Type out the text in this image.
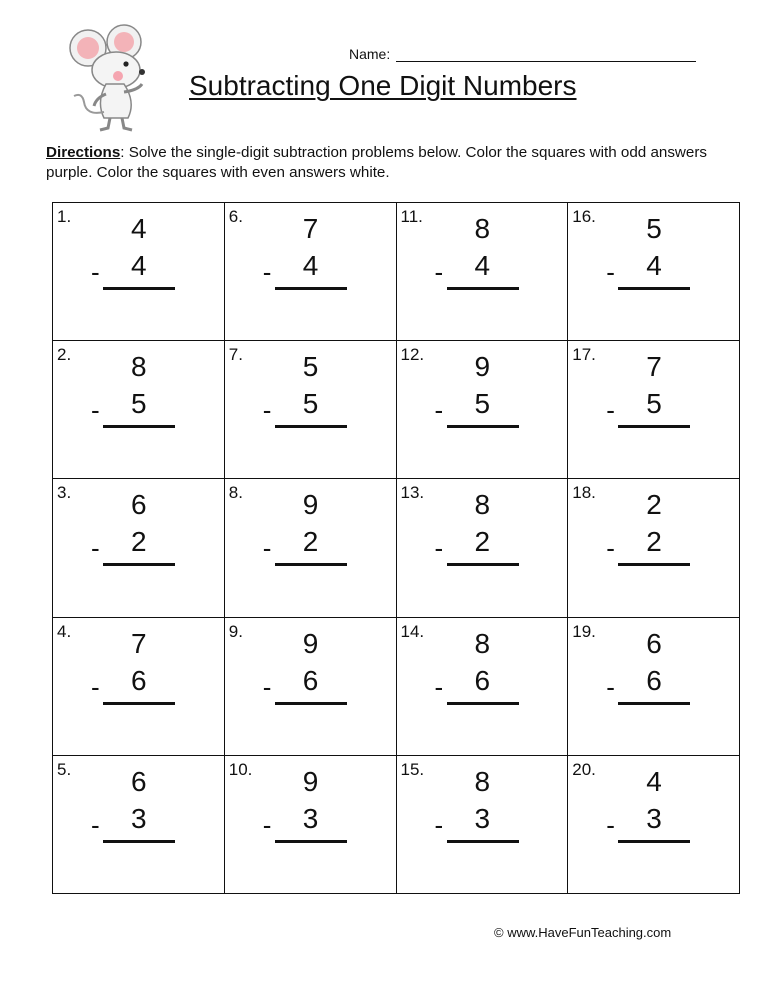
Name:
Subtracting One Digit Numbers
Directions: Solve the single-digit subtraction problems below. Color the squares with odd answers purple. Color the squares with even answers white.
1. 4
- 4
6. 7
- 4
11. 8
- 4
16. 5
- 4
2. 8
- 5
7. 5
- 5
12. 9
- 5
17. 7
- 5
3. 6
- 2
8. 9
- 2
13. 8
- 2
18. 2
- 2
4. 7
- 6
9. 9
- 6
14. 8
- 6
19. 6
- 6
5. 6
- 3
10. 9
- 3
15. 8
- 3
20. 4
- 3
© www.HaveFunTeaching.com
